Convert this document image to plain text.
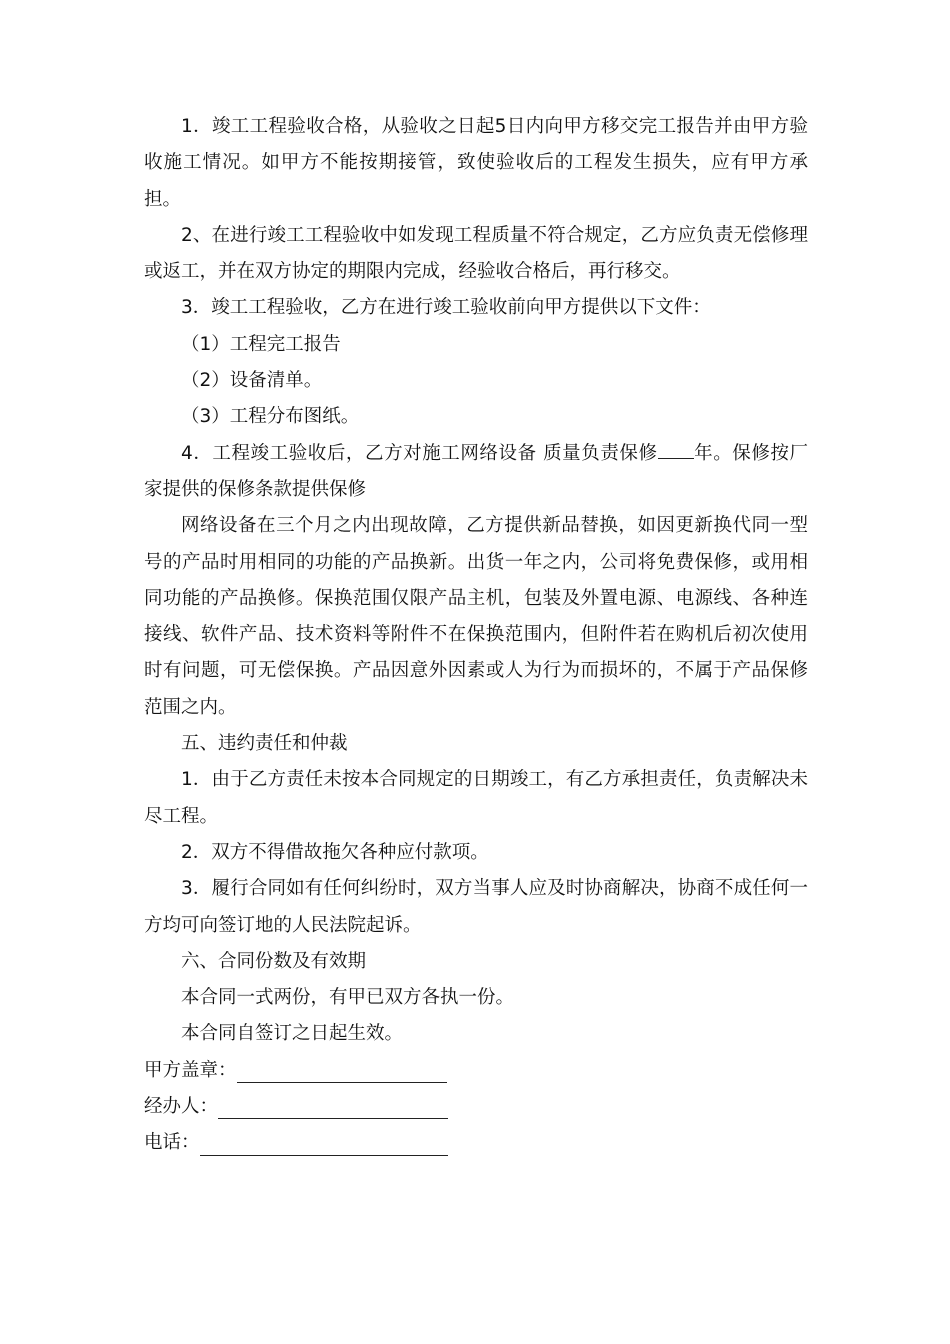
1．竣工工程验收合格，从验收之日起5日内向甲方移交完工报告并由甲方验收施工情况。如甲方不能按期接管，致使验收后的工程发生损失，应有甲方承担。

2、在进行竣工工程验收中如发现工程质量不符合规定，乙方应负责无偿修理或返工，并在双方协定的期限内完成，经验收合格后，再行移交。

3．竣工工程验收，乙方在进行竣工验收前向甲方提供以下文件：

（1）工程完工报告

（2）设备清单。

（3）工程分布图纸。

4．工程竣工验收后，乙方对施工网络设备 质量负责保修 年。保修按厂家提供的保修条款提供保修

网络设备在三个月之内出现故障，乙方提供新品替换，如因更新换代同一型号的产品时用相同的功能的产品换新。出货一年之内，公司将免费保修，或用相同功能的产品换修。保换范围仅限产品主机，包装及外置电源、电源线、各种连接线、软件产品、技术资料等附件不在保换范围内，但附件若在购机后初次使用时有问题，可无偿保换。产品因意外因素或人为行为而损坏的，不属于产品保修范围之内。

五、违约责任和仲裁

1．由于乙方责任未按本合同规定的日期竣工，有乙方承担责任，负责解决未尽工程。

2．双方不得借故拖欠各种应付款项。

3．履行合同如有任何纠纷时，双方当事人应及时协商解决，协商不成任何一方均可向签订地的人民法院起诉。

六、合同份数及有效期

本合同一式两份，有甲已双方各执一份。

本合同自签订之日起生效。

甲方盖章：
经办人：
电话：
